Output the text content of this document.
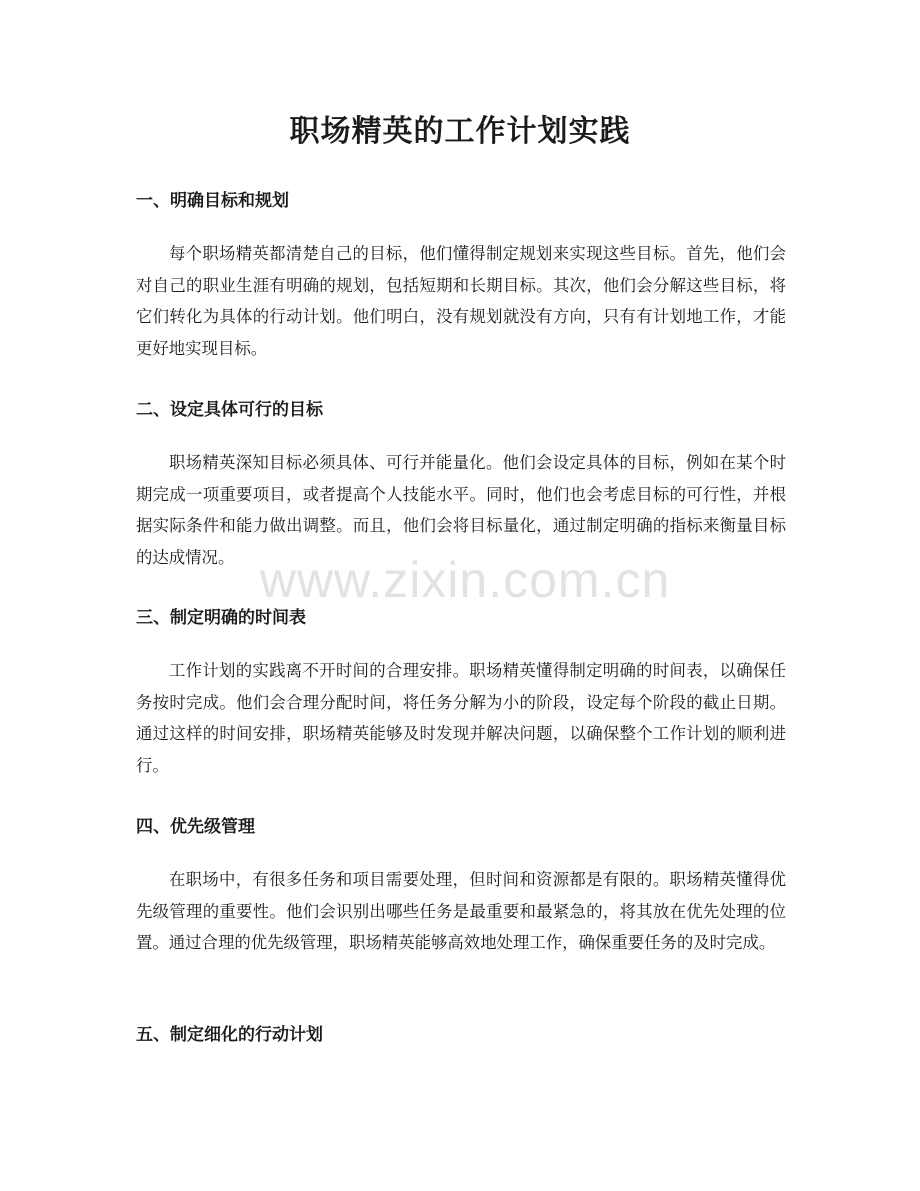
职场精英的工作计划实践
一、明确目标和规划

每个职场精英都清楚自己的目标，他们懂得制定规划来实现这些目标。首先，他们会对自己的职业生涯有明确的规划，包括短期和长期目标。其次，他们会分解这些目标，将它们转化为具体的行动计划。他们明白，没有规划就没有方向，只有有计划地工作，才能更好地实现目标。

二、设定具体可行的目标

职场精英深知目标必须具体、可行并能量化。他们会设定具体的目标，例如在某个时期完成一项重要项目，或者提高个人技能水平。同时，他们也会考虑目标的可行性，并根据实际条件和能力做出调整。而且，他们会将目标量化，通过制定明确的指标来衡量目标的达成情况。

三、制定明确的时间表

工作计划的实践离不开时间的合理安排。职场精英懂得制定明确的时间表，以确保任务按时完成。他们会合理分配时间，将任务分解为小的阶段，设定每个阶段的截止日期。通过这样的时间安排，职场精英能够及时发现并解决问题，以确保整个工作计划的顺利进行。

四、优先级管理

在职场中，有很多任务和项目需要处理，但时间和资源都是有限的。职场精英懂得优先级管理的重要性。他们会识别出哪些任务是最重要和最紧急的，将其放在优先处理的位置。通过合理的优先级管理，职场精英能够高效地处理工作，确保重要任务的及时完成。

五、制定细化的行动计划
www.zixin.com.cn
